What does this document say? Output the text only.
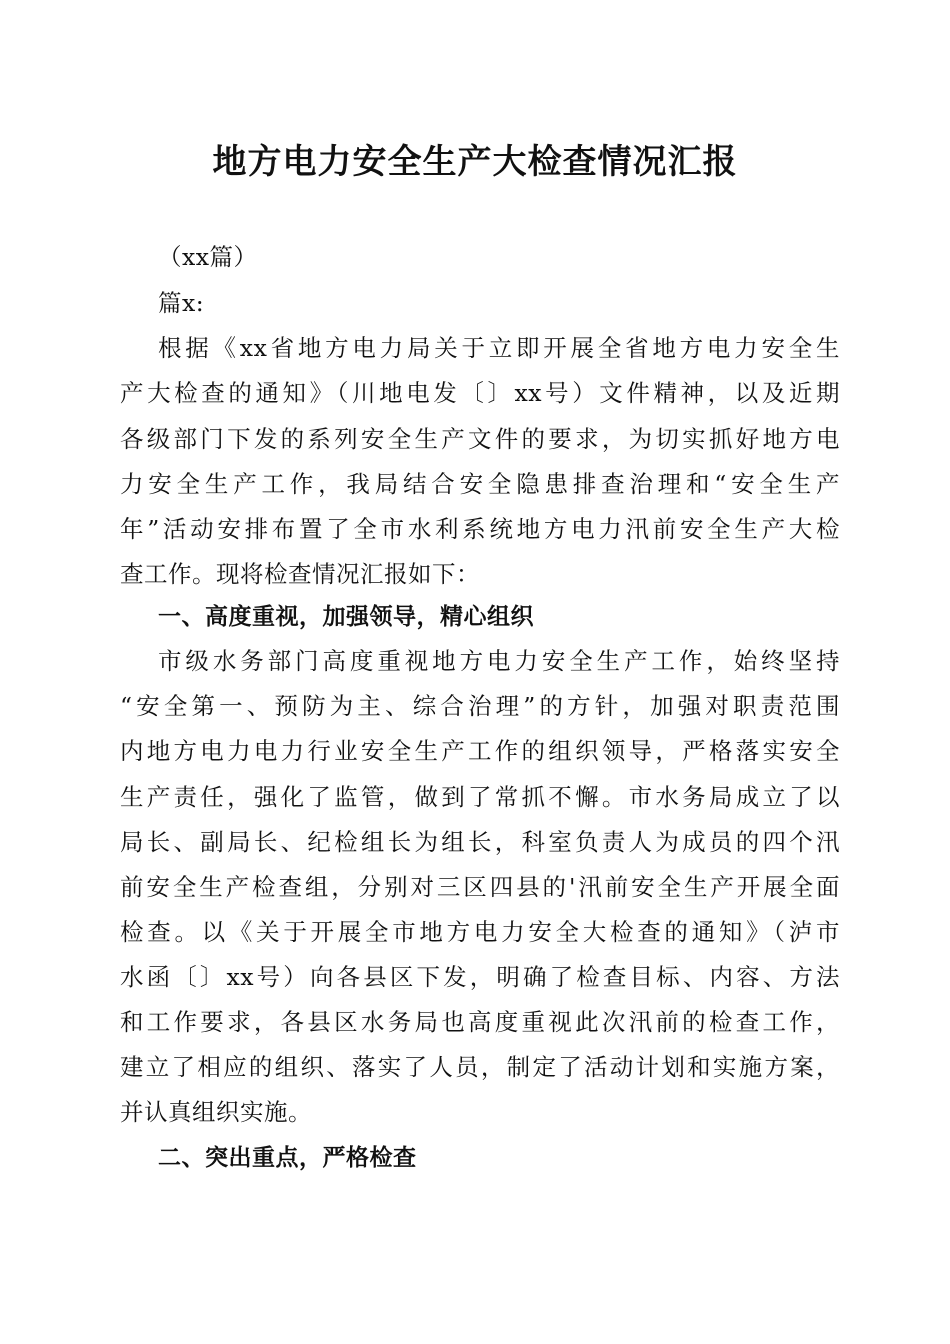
地方电力安全生产大检查情况汇报
（xx篇）
篇x:
根据《xx省地方电力局关于立即开展全省地方电力安全生
产大检查的通知》（川地电发〔〕xx号）文件精神，以及近期
各级部门下发的系列安全生产文件的要求，为切实抓好地方电
力安全生产工作，我局结合安全隐患排查治理和“安全生产
年”活动安排布置了全市水利系统地方电力汛前安全生产大检
查工作。现将检查情况汇报如下：
一、高度重视，加强领导，精心组织
市级水务部门高度重视地方电力安全生产工作，始终坚持
“安全第一、预防为主、综合治理”的方针，加强对职责范围
内地方电力电力行业安全生产工作的组织领导，严格落实安全
生产责任，强化了监管，做到了常抓不懈。市水务局成立了以
局长、副局长、纪检组长为组长，科室负责人为成员的四个汛
前安全生产检查组，分别对三区四县的'汛前安全生产开展全面
检查。以《关于开展全市地方电力安全大检查的通知》（泸市
水函〔〕xx号）向各县区下发，明确了检查目标、内容、方法
和工作要求，各县区水务局也高度重视此次汛前的检查工作，
建立了相应的组织、落实了人员，制定了活动计划和实施方案，
并认真组织实施。
二、突出重点，严格检查
